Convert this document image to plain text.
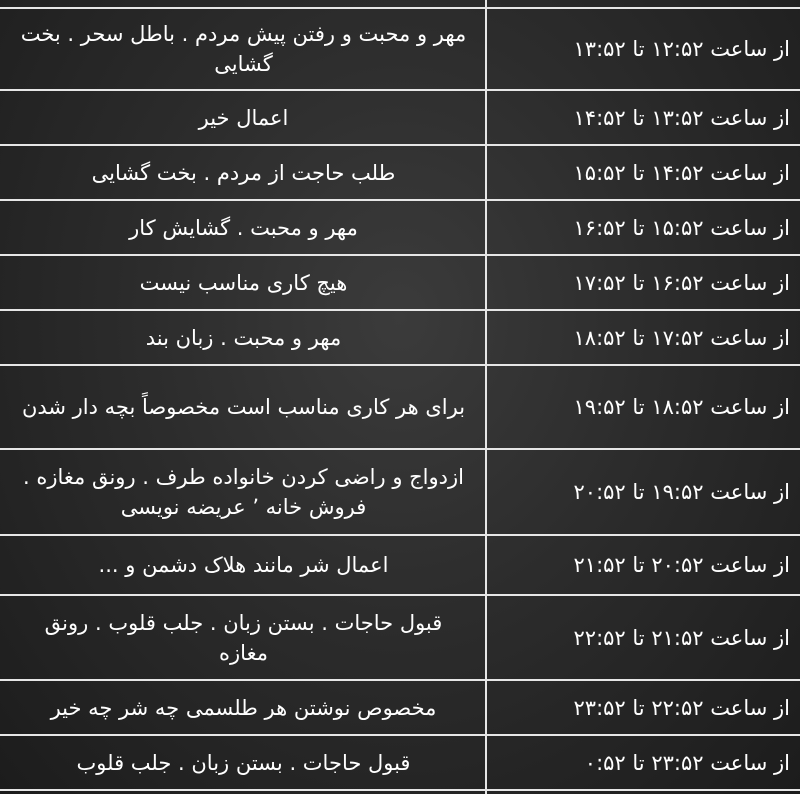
از ساعت ۱۲:۵۲ تا ۱۳:۵۲
مهر و محبت و رفتن پیش مردم . باطل سحر . بخت گشایی
از ساعت ۱۳:۵۲ تا ۱۴:۵۲
اعمال خیر
از ساعت ۱۴:۵۲ تا ۱۵:۵۲
طلب حاجت از مردم . بخت گشایی
از ساعت ۱۵:۵۲ تا ۱۶:۵۲
مهر و محبت . گشایش کار
از ساعت ۱۶:۵۲ تا ۱۷:۵۲
هیچ کاری مناسب نیست
از ساعت ۱۷:۵۲ تا ۱۸:۵۲
مهر و محبت . زبان بند
از ساعت ۱۸:۵۲ تا ۱۹:۵۲
برای هر کاری مناسب است مخصوصاً بچه دار شدن
از ساعت ۱۹:۵۲ تا ۲۰:۵۲
ازدواج و راضی کردن خانواده طرف . رونق مغازه . فروش خانه ٬ عریضه نویسی
از ساعت ۲۰:۵۲ تا ۲۱:۵۲
اعمال شر مانند هلاک دشمن و ...
از ساعت ۲۱:۵۲ تا ۲۲:۵۲
قبول حاجات . بستن زبان . جلب قلوب . رونق مغازه
از ساعت ۲۲:۵۲ تا ۲۳:۵۲
مخصوص نوشتن هر طلسمی چه شر چه خیر
از ساعت ۲۳:۵۲ تا ۰:۵۲
قبول حاجات . بستن زبان . جلب قلوب
